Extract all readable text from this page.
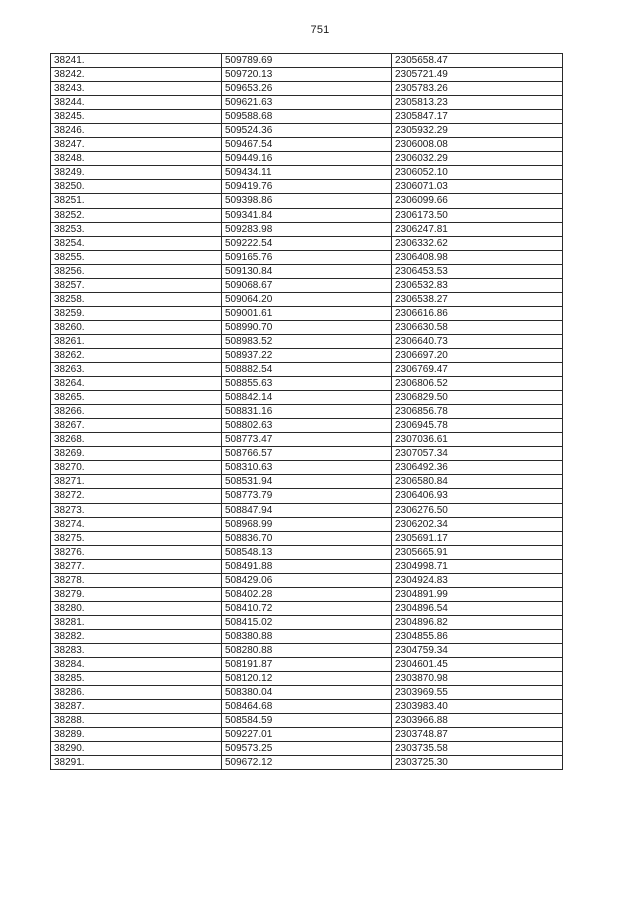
751
38241.	509789.69	2305658.47
38242.	509720.13	2305721.49
38243.	509653.26	2305783.26
38244.	509621.63	2305813.23
38245.	509588.68	2305847.17
38246.	509524.36	2305932.29
38247.	509467.54	2306008.08
38248.	509449.16	2306032.29
38249.	509434.11	2306052.10
38250.	509419.76	2306071.03
38251.	509398.86	2306099.66
38252.	509341.84	2306173.50
38253.	509283.98	2306247.81
38254.	509222.54	2306332.62
38255.	509165.76	2306408.98
38256.	509130.84	2306453.53
38257.	509068.67	2306532.83
38258.	509064.20	2306538.27
38259.	509001.61	2306616.86
38260.	508990.70	2306630.58
38261.	508983.52	2306640.73
38262.	508937.22	2306697.20
38263.	508882.54	2306769.47
38264.	508855.63	2306806.52
38265.	508842.14	2306829.50
38266.	508831.16	2306856.78
38267.	508802.63	2306945.78
38268.	508773.47	2307036.61
38269.	508766.57	2307057.34
38270.	508310.63	2306492.36
38271.	508531.94	2306580.84
38272.	508773.79	2306406.93
38273.	508847.94	2306276.50
38274.	508968.99	2306202.34
38275.	508836.70	2305691.17
38276.	508548.13	2305665.91
38277.	508491.88	2304998.71
38278.	508429.06	2304924.83
38279.	508402.28	2304891.99
38280.	508410.72	2304896.54
38281.	508415.02	2304896.82
38282.	508380.88	2304855.86
38283.	508280.88	2304759.34
38284.	508191.87	2304601.45
38285.	508120.12	2303870.98
38286.	508380.04	2303969.55
38287.	508464.68	2303983.40
38288.	508584.59	2303966.88
38289.	509227.01	2303748.87
38290.	509573.25	2303735.58
38291.	509672.12	2303725.30
